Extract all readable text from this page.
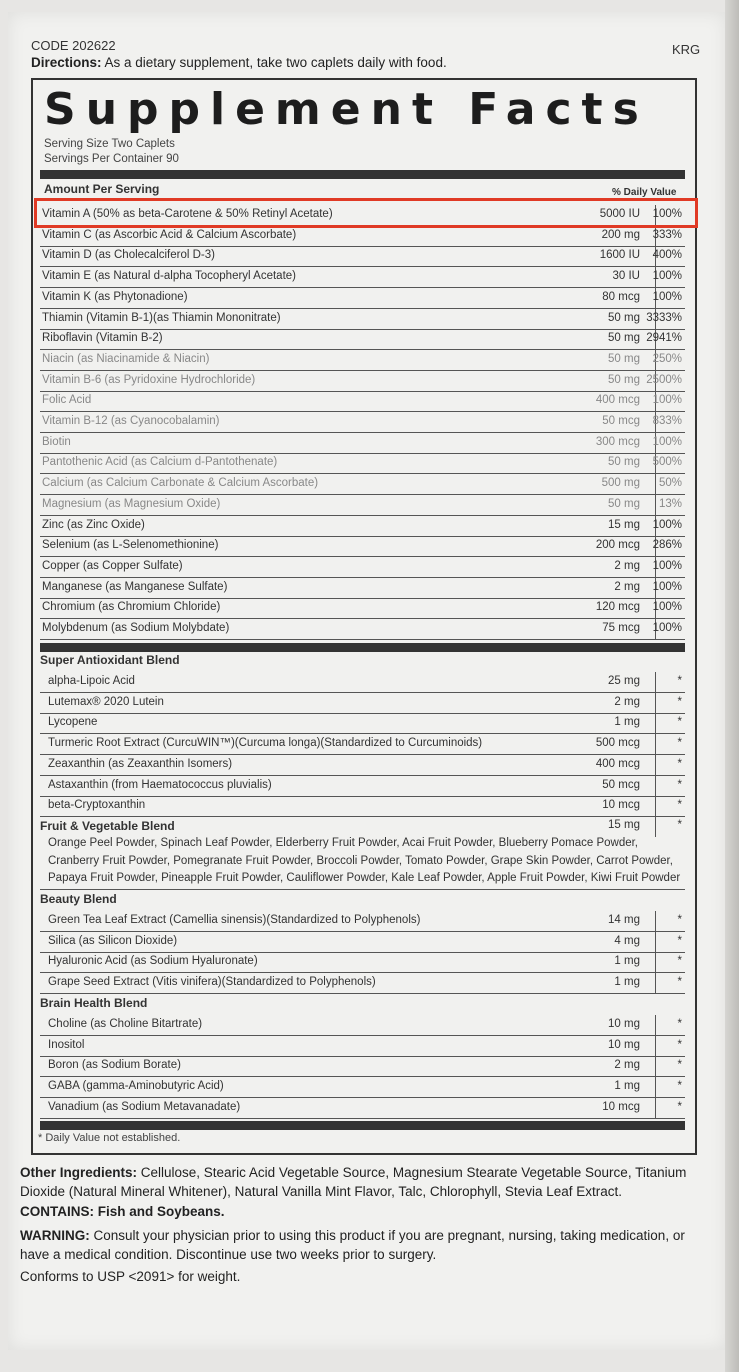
CODE 202622	KRG
Directions: As a dietary supplement, take two caplets daily with food.
Supplement Facts
Serving Size Two Caplets
Servings Per Container 90
Amount Per Serving	% Daily Value
Vitamin A (50% as beta-Carotene & 50% Retinyl Acetate)	5000 IU 100%
Vitamin C (as Ascorbic Acid & Calcium Ascorbate)	200 mg 333%
Vitamin D (as Cholecalciferol D-3)	1600 IU 400%
Vitamin E (as Natural d-alpha Tocopheryl Acetate)	30 IU 100%
Vitamin K (as Phytonadione)	80 mcg 100%
Thiamin (Vitamin B-1)(as Thiamin Mononitrate)	50 mg 3333%
Riboflavin (Vitamin B-2)	50 mg 2941%
Niacin (as Niacinamide & Niacin)	50 mg 250%
Vitamin B-6 (as Pyridoxine Hydrochloride)	50 mg 2500%
Folic Acid	400 mcg 100%
Vitamin B-12 (as Cyanocobalamin)	50 mcg 833%
Biotin	300 mcg 100%
Pantothenic Acid (as Calcium d-Pantothenate)	50 mg 500%
Calcium (as Calcium Carbonate & Calcium Ascorbate)	500 mg 50%
Magnesium (as Magnesium Oxide)	50 mg 13%
Zinc (as Zinc Oxide)	15 mg 100%
Selenium (as L-Selenomethionine)	200 mcg 286%
Copper (as Copper Sulfate)	2 mg 100%
Manganese (as Manganese Sulfate)	2 mg 100%
Chromium (as Chromium Chloride)	120 mcg 100%
Molybdenum (as Sodium Molybdate)	75 mcg 100%
Super Antioxidant Blend
alpha-Lipoic Acid	25 mg	*
Lutemax® 2020 Lutein	2 mg	*
Lycopene	1 mg	*
Turmeric Root Extract (CurcuWIN™)(Curcuma longa)(Standardized to Curcuminoids)	500 mcg	*
Zeaxanthin (as Zeaxanthin Isomers)	400 mcg	*
Astaxanthin (from Haematococcus pluvialis)	50 mcg	*
beta-Cryptoxanthin	10 mcg	*
Fruit & Vegetable Blend	15 mg	*
Orange Peel Powder, Spinach Leaf Powder, Elderberry Fruit Powder, Acai Fruit Powder, Blueberry Pomace Powder, Cranberry Fruit Powder, Pomegranate Fruit Powder, Broccoli Powder, Tomato Powder, Grape Skin Powder, Carrot Powder, Papaya Fruit Powder, Pineapple Fruit Powder, Cauliflower Powder, Kale Leaf Powder, Apple Fruit Powder, Kiwi Fruit Powder
Beauty Blend
Green Tea Leaf Extract (Camellia sinensis)(Standardized to Polyphenols)	14 mg	*
Silica (as Silicon Dioxide)	4 mg	*
Hyaluronic Acid (as Sodium Hyaluronate)	1 mg	*
Grape Seed Extract (Vitis vinifera)(Standardized to Polyphenols)	1 mg	*
Brain Health Blend
Choline (as Choline Bitartrate)	10 mg	*
Inositol	10 mg	*
Boron (as Sodium Borate)	2 mg	*
GABA (gamma-Aminobutyric Acid)	1 mg	*
Vanadium (as Sodium Metavanadate)	10 mcg	*
* Daily Value not established.
Other Ingredients: Cellulose, Stearic Acid Vegetable Source, Magnesium Stearate Vegetable Source, Titanium Dioxide (Natural Mineral Whitener), Natural Vanilla Mint Flavor, Talc, Chlorophyll, Stevia Leaf Extract.
CONTAINS: Fish and Soybeans.
WARNING: Consult your physician prior to using this product if you are pregnant, nursing, taking medication, or have a medical condition. Discontinue use two weeks prior to surgery.
Conforms to USP <2091> for weight.
